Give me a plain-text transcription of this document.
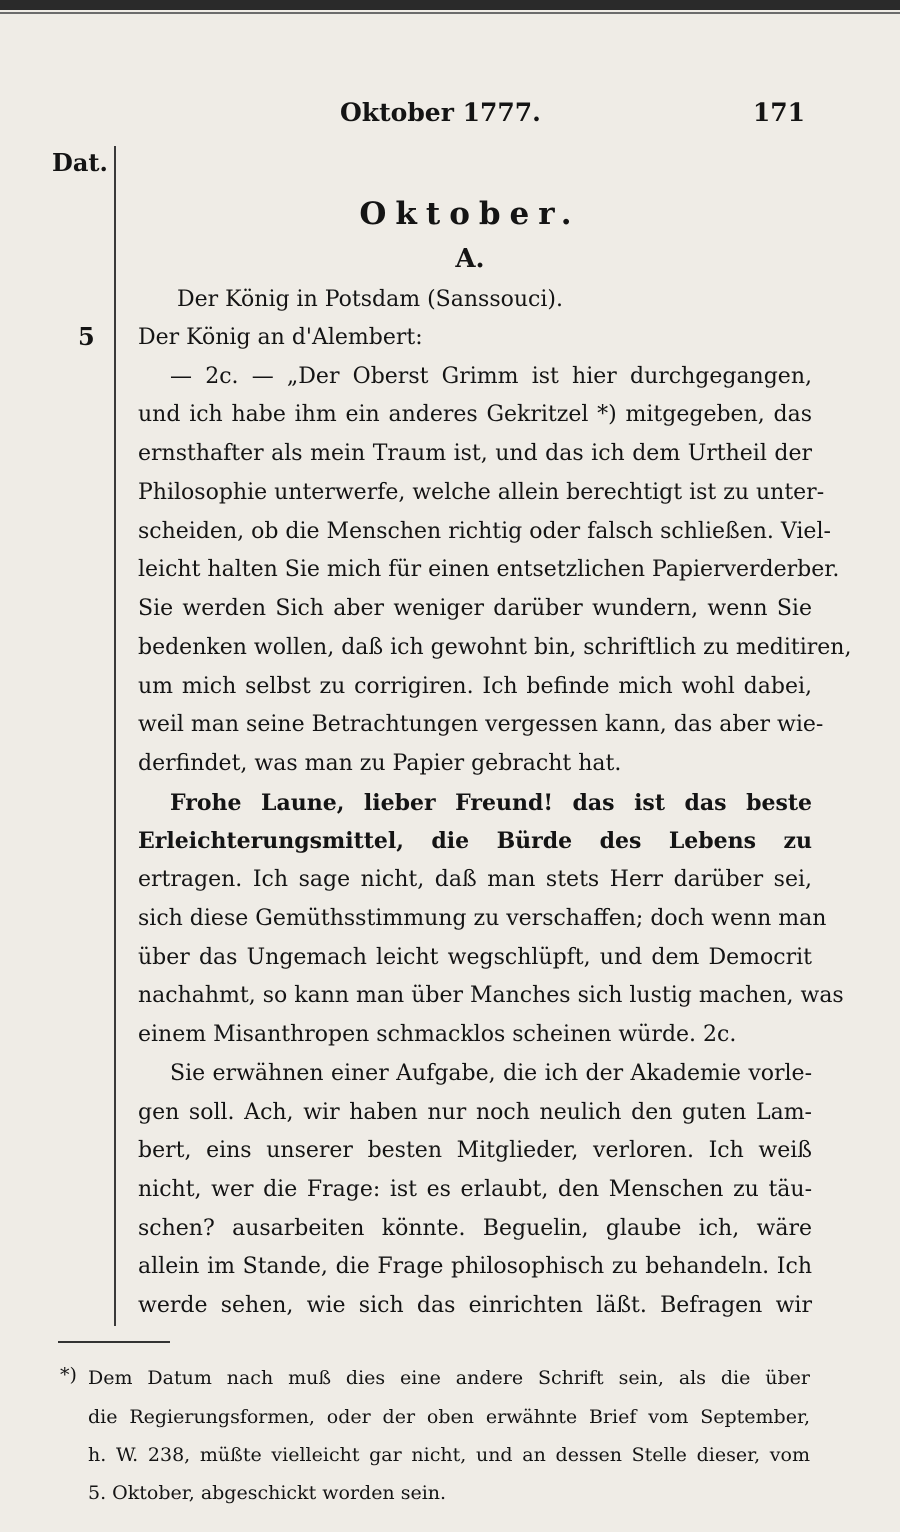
Oktober 1777.	171
Dat.
5
Oktober.
A.
Der König in Potsdam (Sanssouci).
Der König an d'Alembert:
— 2c. — „Der Oberst Grimm ist hier durchgegangen,
und ich habe ihm ein anderes Gekritzel *) mitgegeben, das
ernsthafter als mein Traum ist, und das ich dem Urtheil der
Philosophie unterwerfe, welche allein berechtigt ist zu unter-
scheiden, ob die Menschen richtig oder falsch schließen. Viel-
leicht halten Sie mich für einen entsetzlichen Papierverderber.
Sie werden Sich aber weniger darüber wundern, wenn Sie
bedenken wollen, daß ich gewohnt bin, schriftlich zu meditiren,
um mich selbst zu corrigiren. Ich befinde mich wohl dabei,
weil man seine Betrachtungen vergessen kann, das aber wie-
derfindet, was man zu Papier gebracht hat.
Frohe Laune, lieber Freund! das ist das beste
Erleichterungsmittel, die Bürde des Lebens zu
ertragen. Ich sage nicht, daß man stets Herr darüber sei,
sich diese Gemüthsstimmung zu verschaffen; doch wenn man
über das Ungemach leicht wegschlüpft, und dem Democrit
nachahmt, so kann man über Manches sich lustig machen, was
einem Misanthropen schmacklos scheinen würde. 2c.
Sie erwähnen einer Aufgabe, die ich der Akademie vorle-
gen soll. Ach, wir haben nur noch neulich den guten Lam-
bert, eins unserer besten Mitglieder, verloren. Ich weiß
nicht, wer die Frage: ist es erlaubt, den Menschen zu täu-
schen? ausarbeiten könnte. Beguelin, glaube ich, wäre
allein im Stande, die Frage philosophisch zu behandeln. Ich
werde sehen, wie sich das einrichten läßt. Befragen wir
*) Dem Datum nach muß dies eine andere Schrift sein, als die über
die Regierungsformen, oder der oben erwähnte Brief vom September,
h. W. 238, müßte vielleicht gar nicht, und an dessen Stelle dieser, vom
5. Oktober, abgeschickt worden sein.
